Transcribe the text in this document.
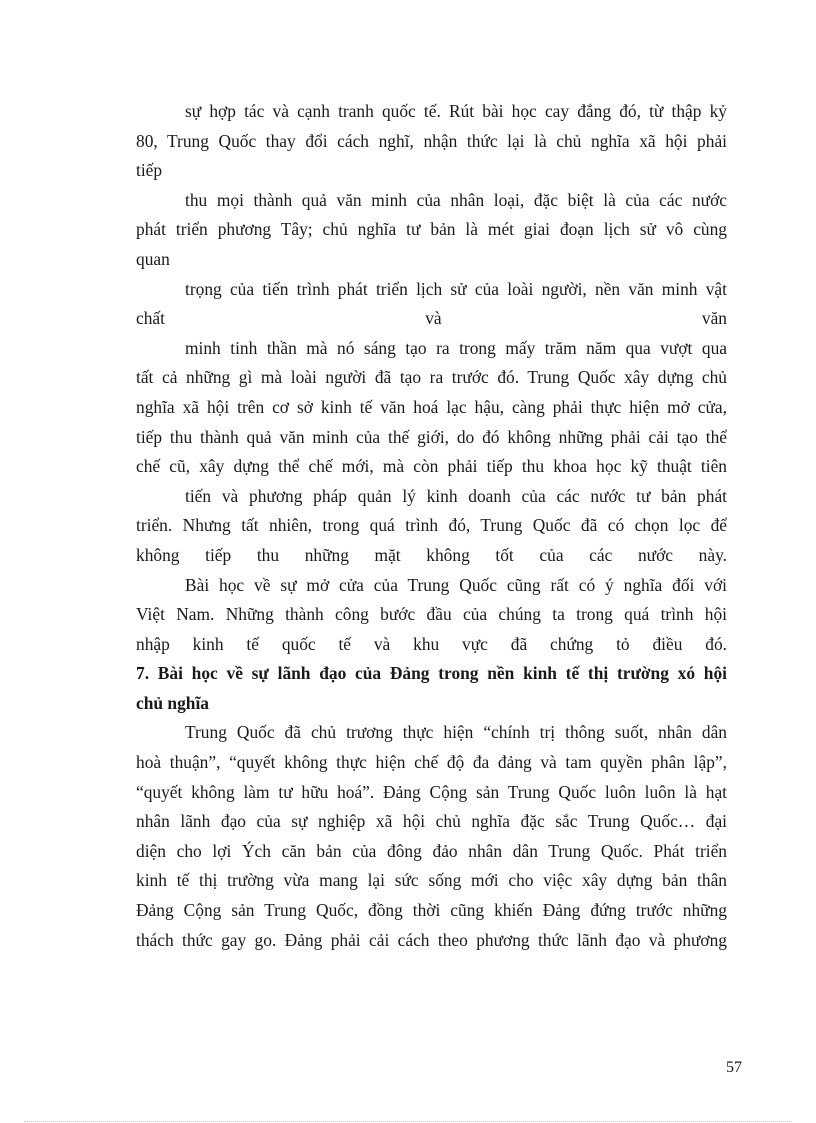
sự hợp tác và cạnh tranh quốc tế. Rút bài học cay đắng đó, từ thập kỷ
80, Trung Quốc thay đổi cách nghĩ, nhận thức lại là chủ nghĩa xã hội phải
tiếp
thu mọi thành quả văn minh của nhân loại, đặc biệt là của các nước
phát triển phương Tây; chủ nghĩa tư bản là mét giai đoạn lịch sử vô cùng
quan
trọng của tiến trình phát triển lịch sử của loài người, nền văn minh vật
chất và văn
minh tinh thần mà nó sáng tạo ra trong mấy trăm năm qua vượt qua
tất cả những gì mà loài người đã tạo ra trước đó. Trung Quốc xây dựng chủ
nghĩa xã hội trên cơ sở kinh tế văn hoá lạc hậu, càng phải thực hiện mở cửa,
tiếp thu thành quả văn minh của thế giới, do đó không những phải cải tạo thể
chế cũ, xây dựng thể chế mới, mà còn phải tiếp thu khoa học kỹ thuật tiên
tiến và phương pháp quản lý kinh doanh của các nước tư bản phát
triển. Nhưng tất nhiên, trong quá trình đó, Trung Quốc đã có chọn lọc để
không tiếp thu những mặt không tốt của các nước này.
Bài học về sự mở cửa của Trung Quốc cũng rất có ý nghĩa đối với
Việt Nam. Những thành công bước đầu của chúng ta trong quá trình hội
nhập kinh tế quốc tế và khu vực đã chứng tỏ điều đó.
7. Bài học về sự lãnh đạo của Đảng trong nền kinh tế thị trường xó hội
chủ nghĩa
Trung Quốc đã chủ trương thực hiện “chính trị thông suốt, nhân dân
hoà thuận”, “quyết không thực hiện chế độ đa đảng và tam quyền phân lập”,
“quyết không làm tư hữu hoá”. Đảng Cộng sản Trung Quốc luôn luôn là hạt
nhân lãnh đạo của sự nghiệp xã hội chủ nghĩa đặc sắc Trung Quốc… đại
diện cho lợi Ých căn bản của đông đảo nhân dân Trung Quốc. Phát triển
kinh tế thị trường vừa mang lại sức sống mới cho việc xây dựng bản thân
Đảng Cộng sản Trung Quốc, đồng thời cũng khiến Đảng đứng trước những
thách thức gay go. Đảng phải cải cách theo phương thức lãnh đạo và phương
57
